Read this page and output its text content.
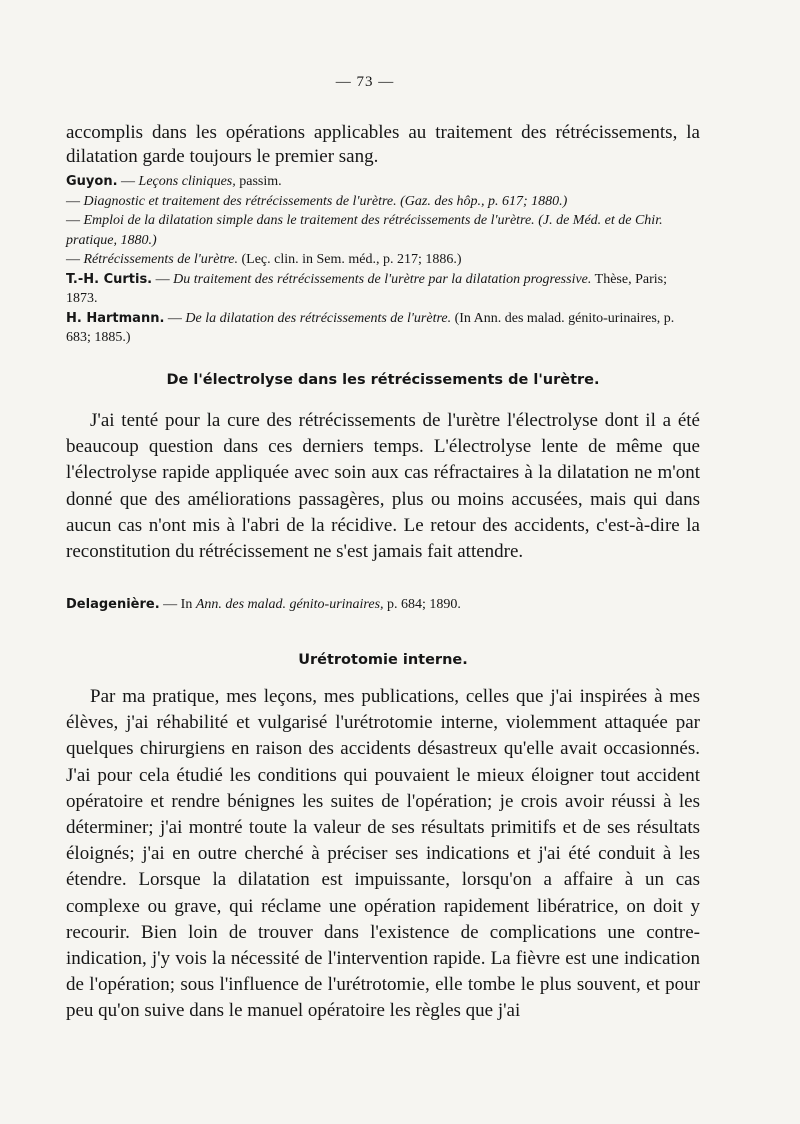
— 73 —

accomplis dans les opérations applicables au traitement des rétrécissements, la dilatation garde toujours le premier sang.

Guyon. — Leçons cliniques, passim.

— Diagnostic et traitement des rétrécissements de l'urètre. (Gaz. des hôp., p. 617; 1880.)

— Emploi de la dilatation simple dans le traitement des rétrécissements de l'urètre. (J. de Méd. et de Chir. pratique, 1880.)

— Rétrécissements de l'urètre. (Leç. clin. in Sem. méd., p. 217; 1886.)

T.-H. Curtis. — Du traitement des rétrécissements de l'urètre par la dilatation progressive. Thèse, Paris; 1873.

H. Hartmann. — De la dilatation des rétrécissements de l'urètre. (In Ann. des malad. génito-urinaires, p. 683; 1885.)

De l'électrolyse dans les rétrécissements de l'urètre.

J'ai tenté pour la cure des rétrécissements de l'urètre l'électrolyse dont il a été beaucoup question dans ces derniers temps. L'électrolyse lente de même que l'électrolyse rapide appliquée avec soin aux cas réfractaires à la dilatation ne m'ont donné que des améliorations passagères, plus ou moins accusées, mais qui dans aucun cas n'ont mis à l'abri de la récidive. Le retour des accidents, c'est-à-dire la reconstitution du rétrécissement ne s'est jamais fait attendre.

Delagenière. — In Ann. des malad. génito-urinaires, p. 684; 1890.
Urétrotomie interne.

Par ma pratique, mes leçons, mes publications, celles que j'ai inspirées à mes élèves, j'ai réhabilité et vulgarisé l'urétrotomie interne, violemment attaquée par quelques chirurgiens en raison des accidents désastreux qu'elle avait occasionnés. J'ai pour cela étudié les conditions qui pouvaient le mieux éloigner tout accident opératoire et rendre bénignes les suites de l'opération; je crois avoir réussi à les déterminer; j'ai montré toute la valeur de ses résultats primitifs et de ses résultats éloignés; j'ai en outre cherché à préciser ses indications et j'ai été conduit à les étendre. Lorsque la dilatation est impuissante, lorsqu'on a affaire à un cas complexe ou grave, qui réclame une opération rapidement libératrice, on doit y recourir. Bien loin de trouver dans l'existence de complications une contre-indication, j'y vois la nécessité de l'intervention rapide. La fièvre est une indication de l'opération; sous l'influence de l'urétrotomie, elle tombe le plus souvent, et pour peu qu'on suive dans le manuel opératoire les règles que j'ai
